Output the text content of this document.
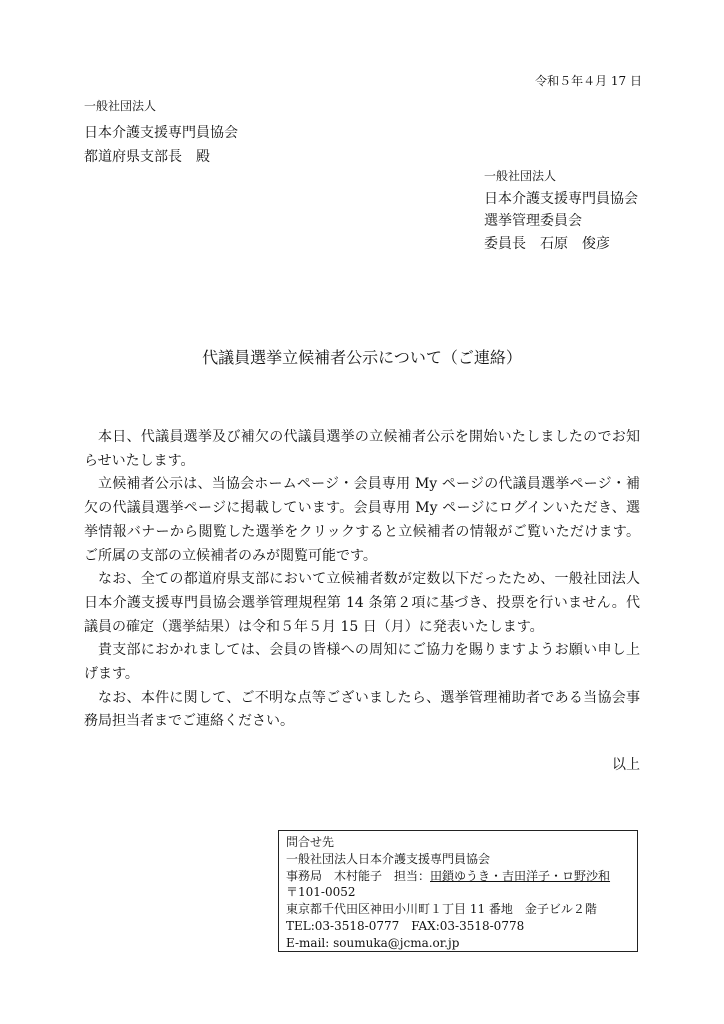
令和５年４月 17 日
一般社団法人
日本介護支援専門員協会
都道府県支部長　殿
一般社団法人
日本介護支援専門員協会
選挙管理委員会
委員長　石原　俊彦
代議員選挙立候補者公示について（ご連絡）

本日、代議員選挙及び補欠の代議員選挙の立候補者公示を開始いたしましたのでお知らせいたします。

立候補者公示は、当協会ホームページ・会員専用 My ページの代議員選挙ページ・補欠の代議員選挙ページに掲載しています。会員専用 My ページにログインいただき、選挙情報バナーから閲覧した選挙をクリックすると立候補者の情報がご覧いただけます。ご所属の支部の立候補者のみが閲覧可能です。

なお、全ての都道府県支部において立候補者数が定数以下だったため、一般社団法人日本介護支援専門員協会選挙管理規程第 14 条第２項に基づき、投票を行いません。代議員の確定（選挙結果）は令和５年５月 15 日（月）に発表いたします。

貴支部におかれましては、会員の皆様への周知にご協力を賜りますようお願い申し上げます。

なお、本件に関して、ご不明な点等ございましたら、選挙管理補助者である当協会事務局担当者までご連絡ください。

以上
問合せ先
一般社団法人日本介護支援専門員協会
事務局　木村能子　担当：田鎖ゆうき・吉田洋子・ロ野沙和
〒101-0052
東京都千代田区神田小川町１丁目 11 番地　金子ビル２階
TEL:03-3518-0777　FAX:03-3518-0778
E-mail: soumuka@jcma.or.jp
